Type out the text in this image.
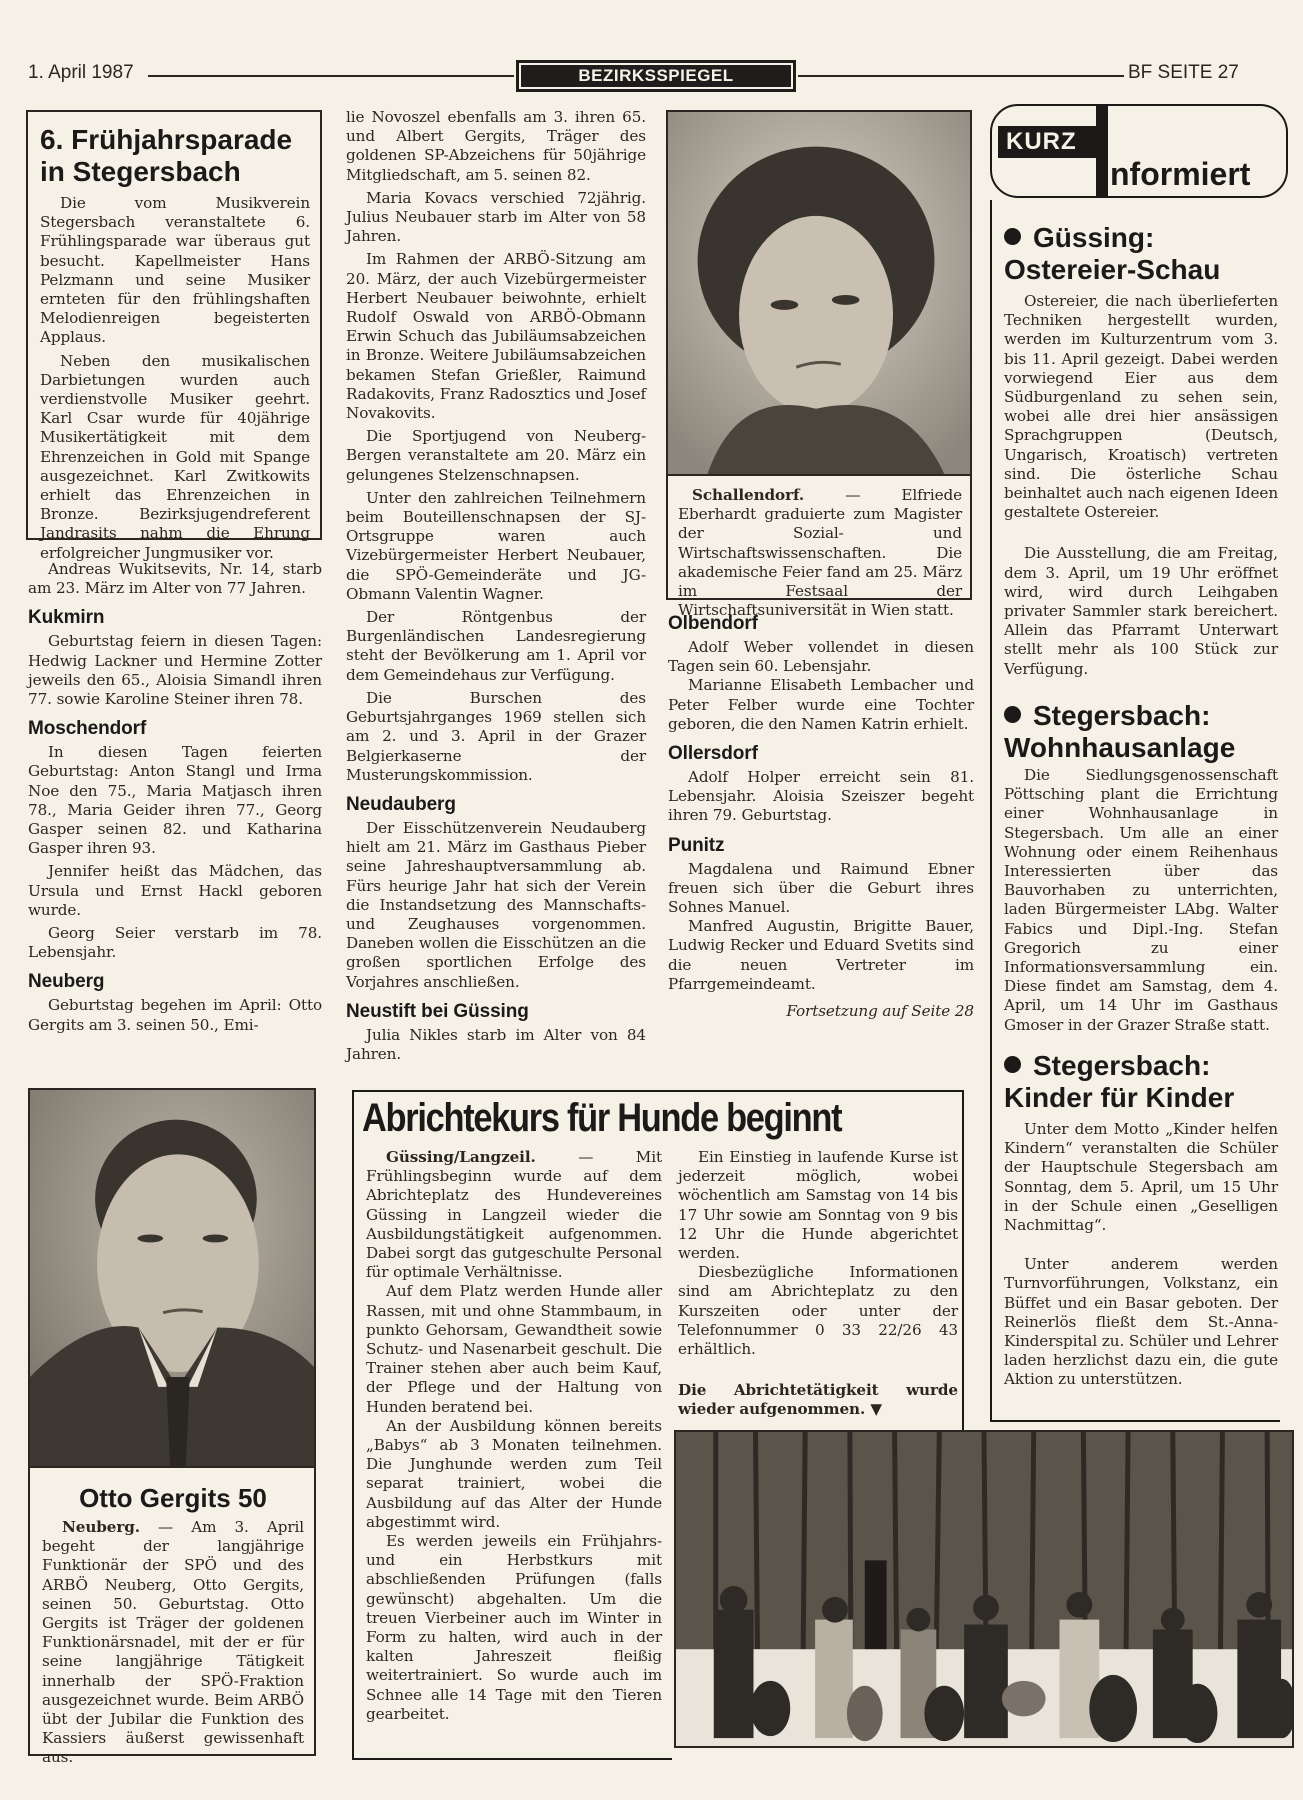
1. April 1987	BEZIRKSSPIEGEL	BF SEITE 27
6. Frühjahrsparade
in Stegersbach

Die vom Musikverein Stegersbach veranstaltete 6. Frühlingsparade war überaus gut besucht. Kapellmeister Hans Pelzmann und seine Musiker ernteten für den frühlingshaften Melodienreigen begeisterten Applaus.

Neben den musikalischen Darbietungen wurden auch verdienstvolle Musiker geehrt. Karl Csar wurde für 40jährige Musikertätigkeit mit dem Ehrenzeichen in Gold mit Spange ausgezeichnet. Karl Zwitkowits erhielt das Ehrenzeichen in Bronze. Bezirksjugendreferent Jandrasits nahm die Ehrung erfolgreicher Jungmusiker vor.

Andreas Wukitsevits, Nr. 14, starb am 23. März im Alter von 77 Jahren.

Kukmirn

Geburtstag feiern in diesen Tagen: Hedwig Lackner und Hermine Zotter jeweils den 65., Aloisia Simandl ihren 77. sowie Karoline Steiner ihren 78.

Moschendorf

In diesen Tagen feierten Geburtstag: Anton Stangl und Irma Noe den 75., Maria Matjasch ihren 78., Maria Geider ihren 77., Georg Gasper seinen 82. und Katharina Gasper ihren 93.

Jennifer heißt das Mädchen, das Ursula und Ernst Hackl geboren wurde.

Georg Seier verstarb im 78. Lebensjahr.

Neuberg

Geburtstag begehen im April: Otto Gergits am 3. seinen 50., Emi-

lie Novoszel ebenfalls am 3. ihren 65. und Albert Gergits, Träger des goldenen SP-Abzeichens für 50jährige Mitgliedschaft, am 5. seinen 82.

Maria Kovacs verschied 72jährig. Julius Neubauer starb im Alter von 58 Jahren.

Im Rahmen der ARBÖ-Sitzung am 20. März, der auch Vizebürgermeister Herbert Neubauer beiwohnte, erhielt Rudolf Oswald von ARBÖ-Obmann Erwin Schuch das Jubiläumsabzeichen in Bronze. Weitere Jubiläumsabzeichen bekamen Stefan Grießler, Raimund Radakovits, Franz Radosztics und Josef Novakovits.

Die Sportjugend von Neuberg-Bergen veranstaltete am 20. März ein gelungenes Stelzenschnapsen.

Unter den zahlreichen Teilnehmern beim Bouteillenschnapsen der SJ-Ortsgruppe waren auch Vizebürgermeister Herbert Neubauer, die SPÖ-Gemeinderäte und JG-Obmann Valentin Wagner.

Der Röntgenbus der Burgenländischen Landesregierung steht der Bevölkerung am 1. April vor dem Gemeindehaus zur Verfügung.

Die Burschen des Geburtsjahrganges 1969 stellen sich am 2. und 3. April in der Grazer Belgierkaserne der Musterungskommission.

Neudauberg

Der Eisschützenverein Neudauberg hielt am 21. März im Gasthaus Pieber seine Jahreshauptversammlung ab. Fürs heurige Jahr hat sich der Verein die Instandsetzung des Mannschafts- und Zeughauses vorgenommen. Daneben wollen die Eisschützen an die großen sportlichen Erfolge des Vorjahres anschließen.

Neustift bei Güssing

Julia Nikles starb im Alter von 84 Jahren.

Schallendorf. — Elfriede Eberhardt graduierte zum Magister der Sozial- und Wirtschaftswissenschaften. Die akademische Feier fand am 25. März im Festsaal der Wirtschaftsuniversität in Wien statt.

Olbendorf

Adolf Weber vollendet in diesen Tagen sein 60. Lebensjahr.

Marianne Elisabeth Lembacher und Peter Felber wurde eine Tochter geboren, die den Namen Katrin erhielt.

Ollersdorf

Adolf Holper erreicht sein 81. Lebensjahr. Aloisia Szeiszer begeht ihren 79. Geburtstag.

Punitz

Magdalena und Raimund Ebner freuen sich über die Geburt ihres Sohnes Manuel.

Manfred Augustin, Brigitte Bauer, Ludwig Recker und Eduard Svetits sind die neuen Vertreter im Pfarrgemeindeamt.

Fortsetzung auf Seite 28
KURZ
nformiert
Güssing:
Ostereier-Schau

Ostereier, die nach überlieferten Techniken hergestellt wurden, werden im Kulturzentrum vom 3. bis 11. April gezeigt. Dabei werden vorwiegend Eier aus dem Südburgenland zu sehen sein, wobei alle drei hier ansässigen Sprachgruppen (Deutsch, Ungarisch, Kroatisch) vertreten sind. Die österliche Schau beinhaltet auch nach eigenen Ideen gestaltete Ostereier.

Die Ausstellung, die am Freitag, dem 3. April, um 19 Uhr eröffnet wird, wird durch Leihgaben privater Sammler stark bereichert. Allein das Pfarramt Unterwart stellt mehr als 100 Stück zur Verfügung.

Stegersbach:
Wohnhausanlage

Die Siedlungsgenossenschaft Pöttsching plant die Errichtung einer Wohnhausanlage in Stegersbach. Um alle an einer Wohnung oder einem Reihenhaus Interessierten über das Bauvorhaben zu unterrichten, laden Bürgermeister LAbg. Walter Fabics und Dipl.-Ing. Stefan Gregorich zu einer Informationsversammlung ein. Diese findet am Samstag, dem 4. April, um 14 Uhr im Gasthaus Gmoser in der Grazer Straße statt.

Stegersbach:
Kinder für Kinder

Unter dem Motto „Kinder helfen Kindern“ veranstalten die Schüler der Hauptschule Stegersbach am Sonntag, dem 5. April, um 15 Uhr in der Schule einen „Geselligen Nachmittag“.

Unter anderem werden Turnvorführungen, Volkstanz, ein Büffet und ein Basar geboten. Der Reinerlös fließt dem St.-Anna-Kinderspital zu. Schüler und Lehrer laden herzlichst dazu ein, die gute Aktion zu unterstützen.

Otto Gergits 50

Neuberg. — Am 3. April begeht der langjährige Funktionär der SPÖ und des ARBÖ Neuberg, Otto Gergits, seinen 50. Geburtstag. Otto Gergits ist Träger der goldenen Funktionärsnadel, mit der er für seine langjährige Tätigkeit innerhalb der SPÖ-Fraktion ausgezeichnet wurde. Beim ARBÖ übt der Jubilar die Funktion des Kassiers äußerst gewissenhaft aus.

Abrichtekurs für Hunde beginnt

Güssing/Langzeil. — Mit Frühlingsbeginn wurde auf dem Abrichteplatz des Hundevereines Güssing in Langzeil wieder die Ausbildungstätigkeit aufgenommen. Dabei sorgt das gutgeschulte Personal für optimale Verhältnisse.

Auf dem Platz werden Hunde aller Rassen, mit und ohne Stammbaum, in punkto Gehorsam, Gewandtheit sowie Schutz- und Nasenarbeit geschult. Die Trainer stehen aber auch beim Kauf, der Pflege und der Haltung von Hunden beratend bei.

An der Ausbildung können bereits „Babys“ ab 3 Monaten teilnehmen. Die Junghunde werden zum Teil separat trainiert, wobei die Ausbildung auf das Alter der Hunde abgestimmt wird.

Es werden jeweils ein Frühjahrs- und ein Herbstkurs mit abschließenden Prüfungen (falls gewünscht) abgehalten. Um die treuen Vierbeiner auch im Winter in Form zu halten, wird auch in der kalten Jahreszeit fleißig weitertrainiert. So wurde auch im Schnee alle 14 Tage mit den Tieren gearbeitet.

Ein Einstieg in laufende Kurse ist jederzeit möglich, wobei wöchentlich am Samstag von 14 bis 17 Uhr sowie am Sonntag von 9 bis 12 Uhr die Hunde abgerichtet werden.

Diesbezügliche Informationen sind am Abrichteplatz zu den Kurszeiten oder unter der Telefonnummer 0 33 22/26 43 erhältlich.

Die Abrichtetätigkeit wurde wieder aufgenommen. ▼
